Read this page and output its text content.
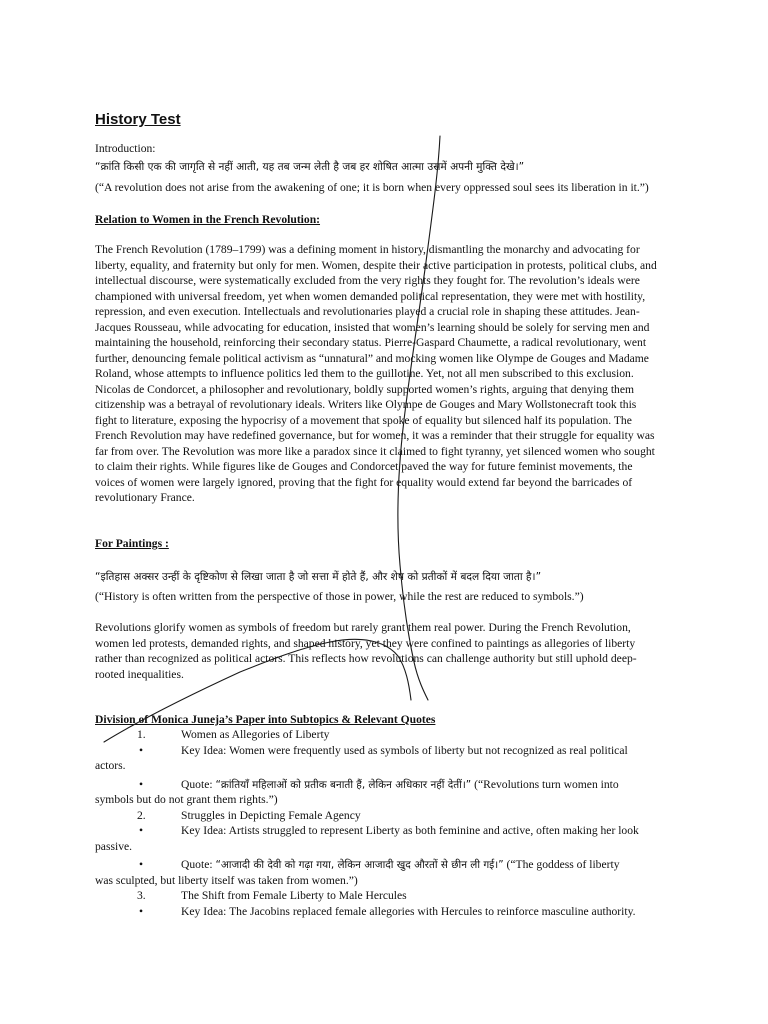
History Test
Introduction:
“क्रांति किसी एक की जागृति से नहीं आती, यह तब जन्म लेती है जब हर शोषित आत्मा उसमें अपनी मुक्ति देखे।”
(“A revolution does not arise from the awakening of one; it is born when every oppressed soul sees its liberation in it.”)
Relation to Women in the French Revolution:

The French Revolution (1789–1799) was a defining moment in history, dismantling the monarchy and advocating for liberty, equality, and fraternity but only for men. Women, despite their active participation in protests, political clubs, and intellectual discourse, were systematically excluded from the very rights they fought for. The revolution’s ideals were championed with universal freedom, yet when women demanded political representation, they were met with hostility, repression, and even execution. Intellectuals and revolutionaries played a crucial role in shaping these attitudes. Jean-Jacques Rousseau, while advocating for education, insisted that women’s learning should be solely for serving men and maintaining the household, reinforcing their secondary status. Pierre-Gaspard Chaumette, a radical revolutionary, went further, denouncing female political activism as “unnatural” and mocking women like Olympe de Gouges and Madame Roland, whose attempts to influence politics led them to the guillotine. Yet, not all men subscribed to this exclusion. Nicolas de Condorcet, a philosopher and revolutionary, boldly supported women’s rights, arguing that denying them citizenship was a betrayal of revolutionary ideals. Writers like Olympe de Gouges and Mary Wollstonecraft took this fight to literature, exposing the hypocrisy of a movement that spoke of equality but silenced half its population. The French Revolution may have redefined governance, but for women, it was a reminder that their struggle for equality was far from over. The Revolution was more like a paradox since it claimed to fight tyranny, yet silenced women who sought to claim their rights. While figures like de Gouges and Condorcet paved the way for future feminist movements, the voices of women were largely ignored, proving that the fight for equality would extend far beyond the barricades of revolutionary France.

For Paintings :
“इतिहास अक्सर उन्हीं के दृष्टिकोण से लिखा जाता है जो सत्ता में होते हैं, और शेष को प्रतीकों में बदल दिया जाता है।”
(“History is often written from the perspective of those in power, while the rest are reduced to symbols.”)

Revolutions glorify women as symbols of freedom but rarely grant them real power. During the French Revolution, women led protests, demanded rights, and shaped history, yet they were confined to paintings as allegories of liberty rather than recognized as political actors. This reflects how revolutions can challenge authority but still uphold deep-rooted inequalities.

Division of Monica Juneja’s Paper into Subtopics & Relevant Quotes
1.	Women as Allegories of Liberty
•	Key Idea: Women were frequently used as symbols of liberty but not recognized as real political
actors.
•	Quote: “क्रांतियाँ महिलाओं को प्रतीक बनाती हैं, लेकिन अधिकार नहीं देतीं।” (“Revolutions turn women into
symbols but do not grant them rights.”)
2.	Struggles in Depicting Female Agency
•	Key Idea: Artists struggled to represent Liberty as both feminine and active, often making her look
passive.
•	Quote: “आजादी की देवी को गढ़ा गया, लेकिन आजादी खुद औरतों से छीन ली गई।” (“The goddess of liberty
was sculpted, but liberty itself was taken from women.”)
3.	The Shift from Female Liberty to Male Hercules
•	Key Idea: The Jacobins replaced female allegories with Hercules to reinforce masculine authority.
